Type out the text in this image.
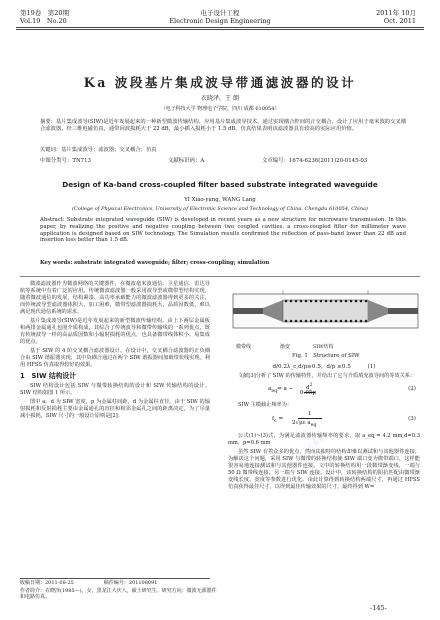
第19卷　第20期
Vol.19　No.20
电子设计工程
Electronic Design Engineering
2011年 10月
Oct. 2011
Ka 波段基片集成波导带通滤波器的设计
衣晓泽，王 朗
（电子科技大学 物理电子学院，四川 成都 610054）
摘要：基片集成波导(SIW)是近年发展起来的一种新型微波传输结构，应用基片集成波导技术，通过实现耦合腔间的正交耦合，设计了应用于毫米波的交叉耦合滤波器。经三维电磁仿真，通带回波损耗大于 22 dB，最小插入损耗小于 1.5 dB，仿真结果表明该滤波器具有较高的实际应用价值。
关键词：基片集成波导；滤波器；交叉耦合；仿真
中图分类号：TN713	文献标识码：A	文章编号：1674-6236(2011)20-0145-03
Design of Ka-band cross-coupled filter based substrate integrated waveguide
YI Xiao-yang, WANG Lang
(College of Physical Electronics, University of Electronic Science and Technology of China, Chengdu 610054, China)
Abstract: Substrate integrated waveguide (SIW) is developed in recent years as a new structure for microwave transmission. In this paper, by realizing the positive and negative coupling between two coupled cavities, a cross-coupled filter for millimeter wave application is designed based on SIW technology. The Simulation results confirmed the reflection of pass-band lower than 22 dB and insertion loss better than 1.5 dB.
Key words: substrate integrated waveguide; filter; cross-coupling; simulation

微波滤波器作为微波网络的关键器件，在微波毫米波通信、卫星通信、雷达导航等系统中有着广泛的应用。传统微波滤波器一般采用波导型或微带型结构实现，随着微波通信的发展，结构紧凑、高功率承载能力的微波滤波器得到更多的关注，而传统波导型滤波器体积大、加工困难，微带型滤波器损耗大，品质因数低，难以满足现代通信系统的需求。

基片集成波导(SIW)是近年发展起来的新型微波传输结构。由上下两层金属板和两排金属通孔包围介质构成，其综合了传统波导和微带传输线的一系列优点，既有传统波导一样的高品质因数和小辐射损耗的优点，也具备微带线体积小、易集成的优点。

基于 SIW 的 4 阶交叉耦合滤波器设计。在设计中，交叉耦合滤波器的正负耦合由 SIW 谐振器实现，其中负耦合通过在两个 SIW 谐振器间加载带状线实现。利用 HFSS 仿真取得较好的效果。

1　SIW 结构设计

SIW 结构设计包括 SIW 与微带转换结构的设计和 SIW 传输结构的设计。SIW 结构如图 1 所示。

图中 a、d 为 SIW 宽度，p 为金属柱间距，d 为金属柱直径。由于 SIW 的辐射损耗和反射损耗主要由金属通孔的直径和相邻金属孔之间的距离决定，为了尽量减小损耗，SIW 尺寸的一般设计原则是[2]：

收稿日期：2011-08-25　　　　　　稿件编号：201108091
作者简介：衣晓泽(1985—)，女，黑龙江大庆人，硕士研究生。研究方向：微波无源器件和电路仿真。
微带线	渐变	SIW结构
Fig. 1　Structure of SIW
d/0.2λ_c,d/p≥0.5，d/p ≥0.5　　　(1)

文献[3]分析了 SIW 的传输特性，并给出了它与介质填充波导间的等效关系：

$a_{eq}= a$ −	$d^2$
0.95p
(2)

SIW 主模截止频率为：

$f_c$ =
1
2√με $a_{eq}$
(3)

公式(1)~(3)式，为满足滤波器传输频率的要求，取 a_eq = 4.2 mm,d=0.3 mm，p=0.6 mm

虽然 SIW 有着众多的优点，然而其独特的结构却难以测试和与其他器件连接。为解决这个问题，采用 SIW 与微带的转换结构使 SIW 端口变为微带端口，这样能很容易地连接测试和与其他器件连接。文中的转换结构用一段微带渐变线，一端与 50 Ω 微带线连接，另一端与 SIW 连接。设计中，该转换结构的阻抗匹配由微带渐变线长度、宽度等参数进行优化。由此计算得到转换结构两端尺寸，再通过 HFSS 仿真获得最佳尺寸，以得到最佳传输效果的尺寸。最终得到 W=

-145-
万方数据
万方数据
